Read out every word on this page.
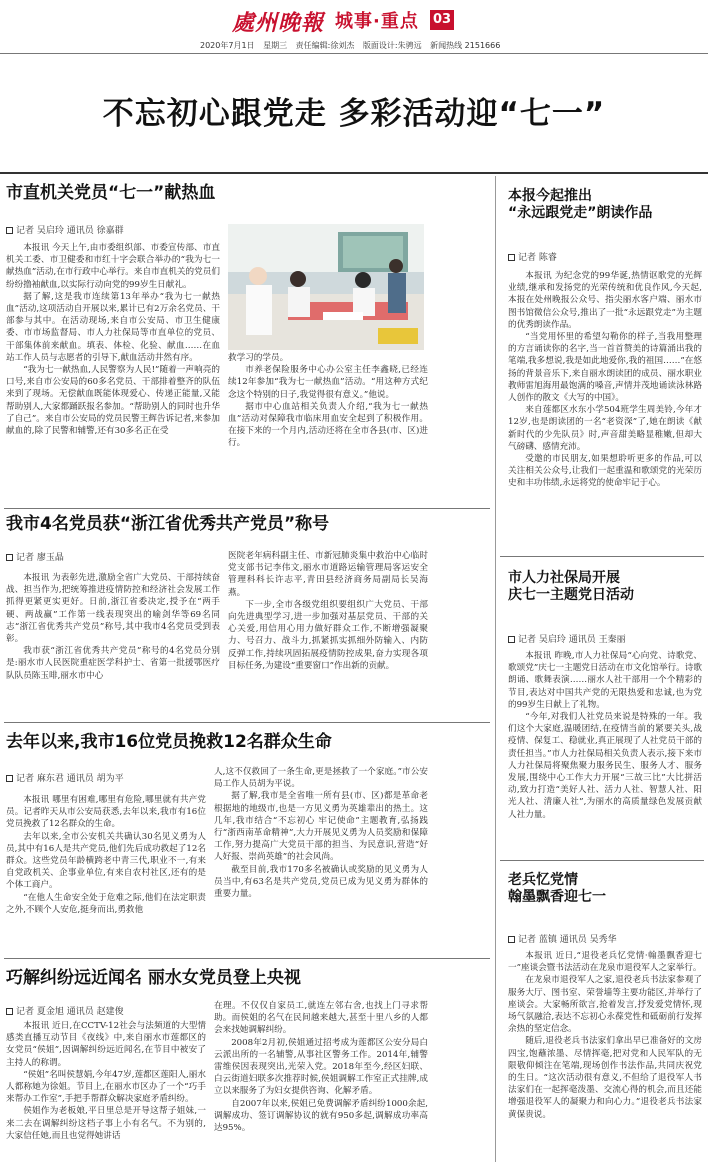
處州晚報 城事·重点 03
2020年7月1日 星期三 责任编辑:徐刘杰 版面设计:朱骋远 新闻热线 2151666
不忘初心跟党走 多彩活动迎“七一”
市直机关党员“七一”献热血
记者 吴启玲 通讯员 徐嘉群

本报讯 今天上午,由市委组织部、市委宣传部、市直机关工委、市卫健委和市红十字会联合举办的“我为七一献热血”活动,在市行政中心举行。来自市直机关的党员们纷纷撸袖献血,以实际行动向党的99岁生日献礼。

据了解,这是我市连续第13年举办“我为七一献热血”活动,这项活动自开展以来,累计已有2万余名党员、干部参与其中。在活动现场,来自市公安局、市卫生健康委、市市场监督局、市人力社保局等市直单位的党员、干部集体前来献血。填表、体检、化验、献血……在血站工作人员与志愿者的引导下,献血活动井然有序。

“我为七一献热血,人民警察为人民!”随着一声响亮的口号,来自市公安局的60多名党员、干部排着整齐的队伍来到了现场。无偿献血既能体现爱心、传递正能量,又能帮助别人,大家都踊跃报名参加。“帮助别人的同时也升华了自己”。来自市公安局的党员民警王辉告诉记者,来参加献血的,除了民警和辅警,还有30多名正在受

救学习的学员。

市养老保险服务中心办公室主任李鑫晓,已经连续12年参加“我为七一献热血”活动。“用这种方式纪念这个特别的日子,我觉得很有意义。”他说。

据市中心血站相关负责人介绍,“我为七一献热血”活动对保障我市临床用血安全起到了积极作用。在接下来的一个月内,活动还将在全市各县(市、区)进行。

我市4名党员获“浙江省优秀共产党员”称号
记者 廖玉晶

本报讯 为表彰先进,激励全省广大党员、干部持续奋战、担当作为,把统筹推进疫情防控和经济社会发展工作抓得更紧更实更好。日前,浙江省委决定,授予在“两手硬、两战赢”工作第一线表现突出的喻剑华等69名同志“浙江省优秀共产党员”称号,其中我市4名党员受到表彰。

我市获“浙江省优秀共产党员”称号的4名党员分别是:丽水市人民医院重症医学科护士、省第一批援鄂医疗队队员陈玉啡,丽水市中心

医院老年病科副主任、市新冠肺炎集中救治中心临时党支部书记李伟文,丽水市道路运输管理局客运安全管理科科长许志平,青田县经济商务局副局长吴海燕。

下一步,全市各级党组织要组织广大党员、干部向先进典型学习,进一步加强对基层党员、干部的关心关爱,用信用心用力做好群众工作,不断增强凝聚力、号召力、战斗力,抓紧抓实抓细外防输入、内防反弹工作,持续巩固拓展疫情防控成果,奋力实现各项目标任务,为建设“重要窗口”作出新的贡献。

去年以来,我市16位党员挽救12名群众生命
记者 麻东君 通讯员 胡为平

本报讯 哪里有困难,哪里有危险,哪里就有共产党员。记者昨天从市公安局获悉,去年以来,我市有16位党员挽救了12名群众的生命。

去年以来,全市公安机关共确认30名见义勇为人员,其中有16人是共产党员,他们先后成功救起了12名群众。这些党员年龄横跨老中青三代,职业不一,有来自党政机关、企事业单位,有来自农村社区,还有的是个体工商户。

“在他人生命安全处于危难之际,他们在法定职责之外,不顾个人安危,挺身而出,勇救他

人,这不仅救回了一条生命,更是拯救了一个家庭。”市公安局工作人员胡为平说。

据了解,我市是全省唯一所有县(市、区)都是革命老根据地的地级市,也是一方见义勇为英雄辈出的热土。这几年,我市结合“不忘初心 牢记使命”主题教育,弘扬践行“浙西南革命精神”,大力开展见义勇为人员奖励和保障工作,努力提高广大党员干部的担当、为民意识,营造“好人好报、崇尚英雄”的社会风尚。

截至目前,我市170多名被确认或奖励的见义勇为人员当中,有63名是共产党员,党员已成为见义勇为群体的重要力量。

巧解纠纷远近闻名 丽水女党员登上央视
记者 夏金旭 通讯员 赵建俊

本报讯 近日,在CCTV-12社会与法频道的大型情感类直播互动节目《夜线》中,来自丽水市莲都区的女党员“侯姐”,因调解纠纷远近闻名,在节目中被安了主持人的称谓。

“侯姐”名叫侯慧娟,今年47岁,莲都区莲阳人,丽水人都称她为徐姐。节目上,在丽水市区办了一个“巧手来帮办工作室”,手把手帮群众解决家庭矛盾纠纷。

侯姐作为老板娘,平日里总是开导这帮子姐妹,一来二去在调解纠纷这档子事上小有名气。不为别的,大家信任她,而且也觉得她讲话

在理。不仅仅自家员工,就连左邻右舍,也找上门寻求帮助。而侯姐的名气在民间越来越大,甚至十里八乡的人都会来找她调解纠纷。

2008年2月初,侯姐通过招考成为莲都区公安分局白云派出所的一名辅警,从事社区警务工作。2014年,辅警雷维侯因表现突出,光荣入党。2018年至今,经区妇联、白云街道妇联多次推荐时候,侯姐调解工作室正式挂牌,成立以来服务了为妇女提供咨询、化解矛盾。

自2007年以来,侯姐已免费调解矛盾纠纷1000余起,调解成功、签订调解协议的就有950多起,调解成功率高达95%。

本报今起推出
“永远跟党走”朗读作品
记者 陈睿

本报讯 为纪念党的99华诞,热情讴歌党的光辉业绩,继承和发扬党的光荣传统和优良作风,今天起,本报在处州晚报公众号、指尖丽水客户端、丽水市图书馆微信公众号,推出了一批“永远跟党走”为主题的优秀朗读作品。

“当党用怀里的希望勾勒你的样子,当我用整理的方言诵读你的名字,当一首首赞美的诗篇涌出我的笔端,我多想说,我是如此地爱你,我的祖国……”在悠扬的背景音乐下,来自丽水朗读团的成员、丽水职业教师雷旭海用最饱满的嗓音,声情并茂地诵读泳林路人创作的散文《大写的中国》。

来自莲都区水东小学504班学生周美铃,今年才12岁,也是朗读团的一名“老资深”了,她在朗读《献新时代的少先队员》时,声音甜美略显稚嫩,但却大气磅礴、感情充沛。

受邀的市民朋友,如果想聆听更多的作品,可以关注相关公众号,让我们一起重温和歌颂党的光荣历史和丰功伟绩,永远将党的使命牢记于心。

市人力社保局开展
庆七一主题党日活动
记者 吴启玲 通讯员 王秦丽

本报讯 昨晚,市人力社保局“心向党、诗歌党、歌颂党”庆七一主题党日活动在市文化馆举行。诗歌朗诵、歌舞表演……丽水人社干部用一个个精彩的节目,表达对中国共产党的无限热爱和忠诚,也为党的99岁生日献上了礼物。

“今年,对我们人社党员来说是特殊的一年。我们这个大家庭,温暖团结,在疫情当前的紧要关头,战疫情、保复工、稳就业,真正展现了人社党员干部的责任担当。”市人力社保局相关负责人表示,接下来市人力社保局将聚焦聚力服务民生、服务人才、服务发展,围绕中心工作大力开展“三故三比”大比拼活动,致力打造“美好人社、活力人社、智慧人社、阳光人社、清廉人社”,为丽水的高质量绿色发展贡献人社力量。

老兵忆党情
翰墨飘香迎七一
记者 蓝镇 通讯员 吴秀华

本报讯 近日,“退役老兵忆党情·翰墨飘香迎七一”座谈会暨书法活动在龙泉市退役军人之家举行。

在龙泉市退役军人之家,退役老兵书法家参观了服务大厅、图书室、荣誉墙等主要功能区,并举行了座谈会。大家畅所欲言,抢着发言,抒发爱党情怀,现场气氛融洽,表达不忘初心永葆党性和砥砺前行发挥余热的坚定信念。

随后,退役老兵书法家们拿出早已准备好的文房四宝,饱蘸浓墨、尽情挥毫,把对党和人民军队的无限敬仰倾注在笔端,现场创作书法作品,共同庆祝党的生日。“这次活动很有意义,不但给了退役军人书法家们在一起挥毫泼墨、交流心得的机会,而且还能增强退役军人的凝聚力和向心力。”退役老兵书法家黄保贵说。
